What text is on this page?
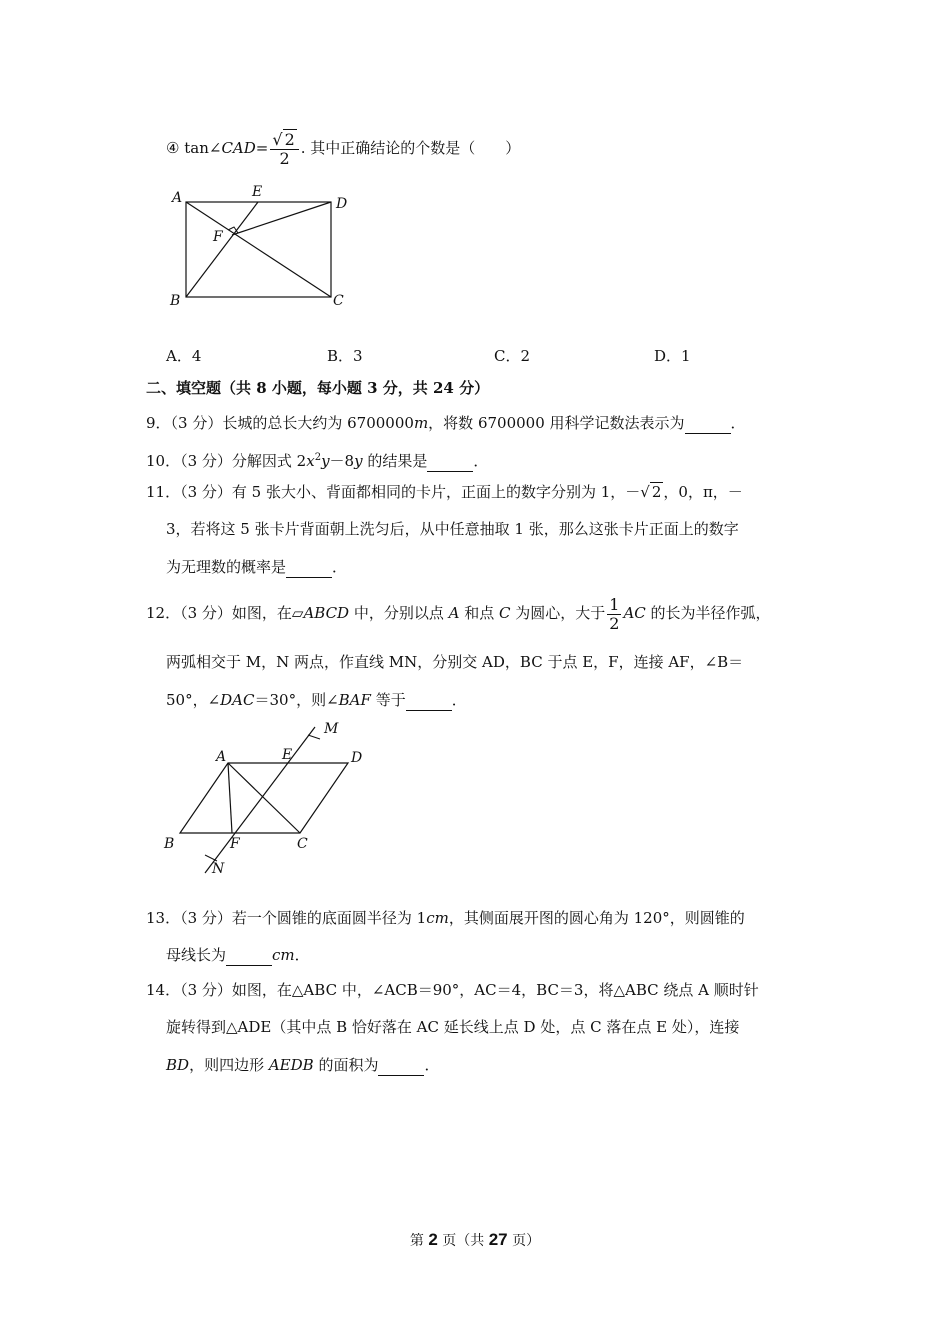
④ tan∠CAD= $\frac{√ 2}{2}$ . 其中正确结论的个数是（　　）
A	E
D
F
B	C
A．4	B．3	C．2	D．1
二、填空题（共 8 小题，每小题 3 分，共 24 分）
9．（3 分）长城的总长大约为 6700000m，将数 6700000 用科学记数法表示为	．
10．（3 分）分解因式 $2x^2y-8y$ 的结果是	．
11．（3 分）有 5 张大小、背面都相同的卡片，正面上的数字分别为 1，－√ 2 ，0，π，－
3，若将这 5 张卡片背面朝上洗匀后，从中任意抽取 1 张，那么这张卡片正面上的数字
为无理数的概率是	．
12．（3 分）如图，在▱ABCD 中，分别以点 A 和点 C 为圆心，大于 $\frac{1}{2}$ AC 的长为半径作弧，
两弧相交于 M，N 两点，作直线 MN，分别交 AD，BC 于点 E，F，连接 AF，∠B＝
50°，∠DAC＝30°，则∠BAF 等于	．
M
A	E	D
B	F	C
N
13．（3 分）若一个圆锥的底面圆半径为 1cm，其侧面展开图的圆心角为 120°，则圆锥的
母线长为	cm．
14．（3 分）如图，在△ABC 中，∠ACB＝90°，AC＝4，BC＝3，将△ABC 绕点 A 顺时针
旋转得到△ADE（其中点 B 恰好落在 AC 延长线上点 D 处，点 C 落在点 E 处），连接
BD，则四边形 AEDB 的面积为	．
第 2 页（共 27 页）
